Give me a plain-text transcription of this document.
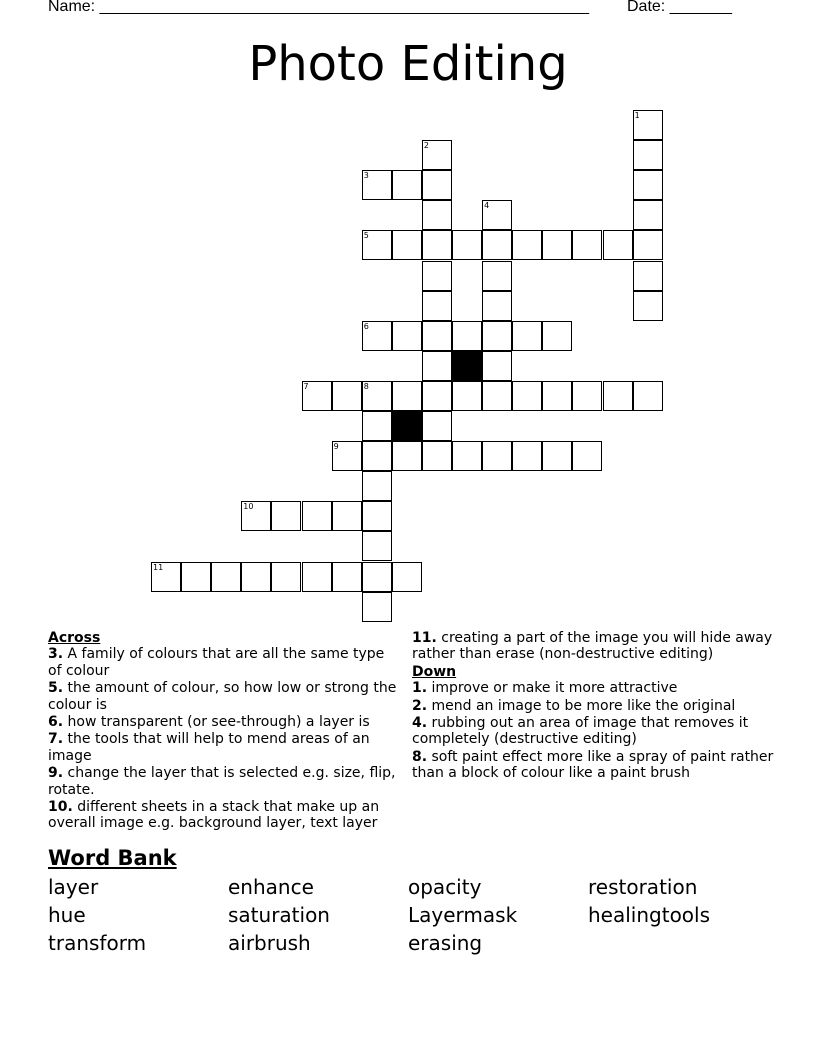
Name: _______________________________________________________ Date: _______
Photo Editing
1
2
3
4
5
6
7	8
9
10
11
Across
3. A family of colours that are all the same type of colour
5. the amount of colour, so how low or strong the colour is
6. how transparent (or see-through) a layer is
7. the tools that will help to mend areas of an image
9. change the layer that is selected e.g. size, flip, rotate.
10. different sheets in a stack that make up an overall image e.g. background layer, text layer
11. creating a part of the image you will hide away rather than erase (non-destructive editing)
Down
1. improve or make it more attractive
2. mend an image to be more like the original
4. rubbing out an area of image that removes it completely (destructive editing)
8. soft paint effect more like a spray of paint rather than a block of colour like a paint brush
Word Bank
layer	enhance	opacity	restoration
hue	saturation	Layermask	healingtools
transform	airbrush	erasing
